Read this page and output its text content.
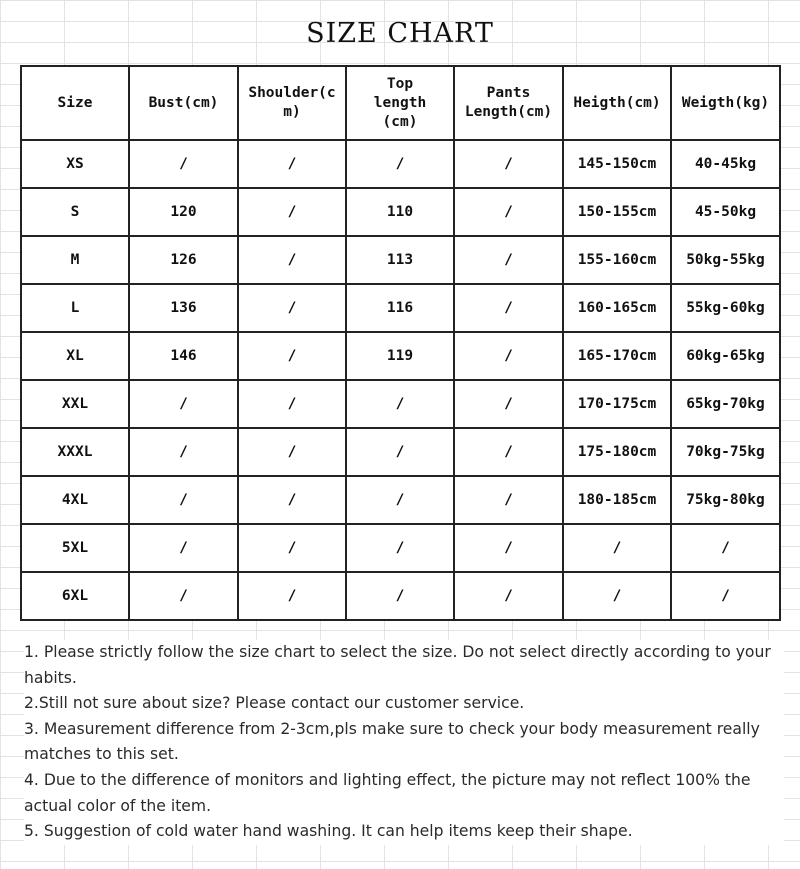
SIZE CHART
Size	Bust(cm)	Shoulder(cm)	Top length (cm)	Pants Length(cm)	Heigth(cm)	Weigth(kg)
XS	/	/	/	/	145-150cm	40-45kg
S	120	/	110	/	150-155cm	45-50kg
M	126	/	113	/	155-160cm	50kg-55kg
L	136	/	116	/	160-165cm	55kg-60kg
XL	146	/	119	/	165-170cm	60kg-65kg
XXL	/	/	/	/	170-175cm	65kg-70kg
XXXL	/	/	/	/	175-180cm	70kg-75kg
4XL	/	/	/	/	180-185cm	75kg-80kg
5XL	/	/	/	/	/	/
6XL	/	/	/	/	/	/

1. Please strictly follow the size chart to select the size. Do not select directly according to your habits.

2.Still not sure about size? Please contact our customer service.

3. Measurement difference from 2-3cm,pls make sure to check your body measurement really matches to this set.

4. Due to the difference of monitors and lighting effect, the picture may not reflect 100% the actual color of the item.

5. Suggestion of cold water hand washing. It can help items keep their shape.
